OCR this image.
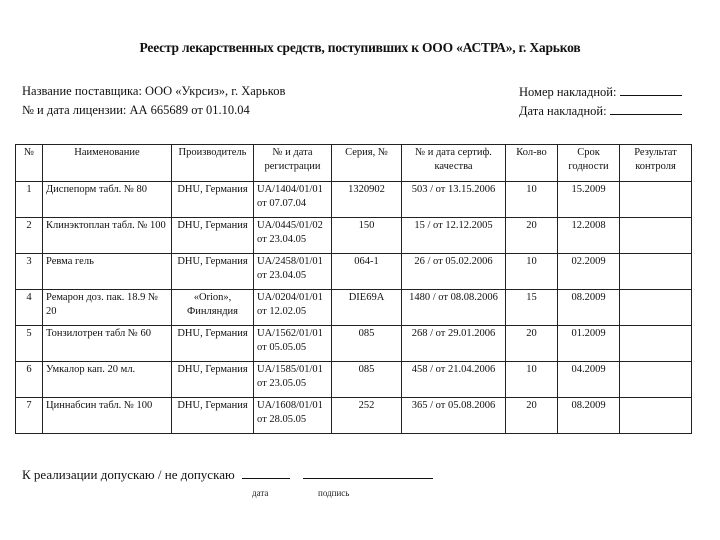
Реестр лекарственных средств, поступивших к ООО «АСТРА», г. Харьков
Название поставщика: ООО «Укрсиз», г. Харьков
№ и дата лицензии: АА 665689 от 01.10.04
Номер накладной:
Дата накладной:
№	Наименование	Производитель	№ и дата регистрации	Серия, №	№ и дата сертиф. качества	Кол-во	Срок годности	Результат контроля

1	Диспепорм табл. № 80	DHU, Германия	UA/1404/01/01
от 07.07.04	1320902	503 / от 13.15.2006	10	15.2009	

2	Клинэктоплан табл. № 100	DHU, Германия	UA/0445/01/02
от 23.04.05	150	15 / от 12.12.2005	20	12.2008	

3	Ревма гель	DHU, Германия	UA/2458/01/01
от 23.04.05	064-1	26 / от 05.02.2006	10	02.2009	

4	Ремарон доз. пак. 18.9 № 20	«Orion»,
Финляндия	UA/0204/01/01
от 12.02.05	DIE69A	1480 / от 08.08.2006	15	08.2009	

5	Тонзилотрен табл № 60	DHU, Германия	UA/1562/01/01
от 05.05.05	085	268 / от 29.01.2006	20	01.2009	

6	Умкалор кап. 20 мл.	DHU, Германия	UA/1585/01/01
от 23.05.05	085	458 / от 21.04.2006	10	04.2009	

7	Циннабсин табл. № 100	DHU, Германия	UA/1608/01/01
от 28.05.05	252	365 / от 05.08.2006	20	08.2009	

К реализации допускаю / не допускаю
дата	подпись
